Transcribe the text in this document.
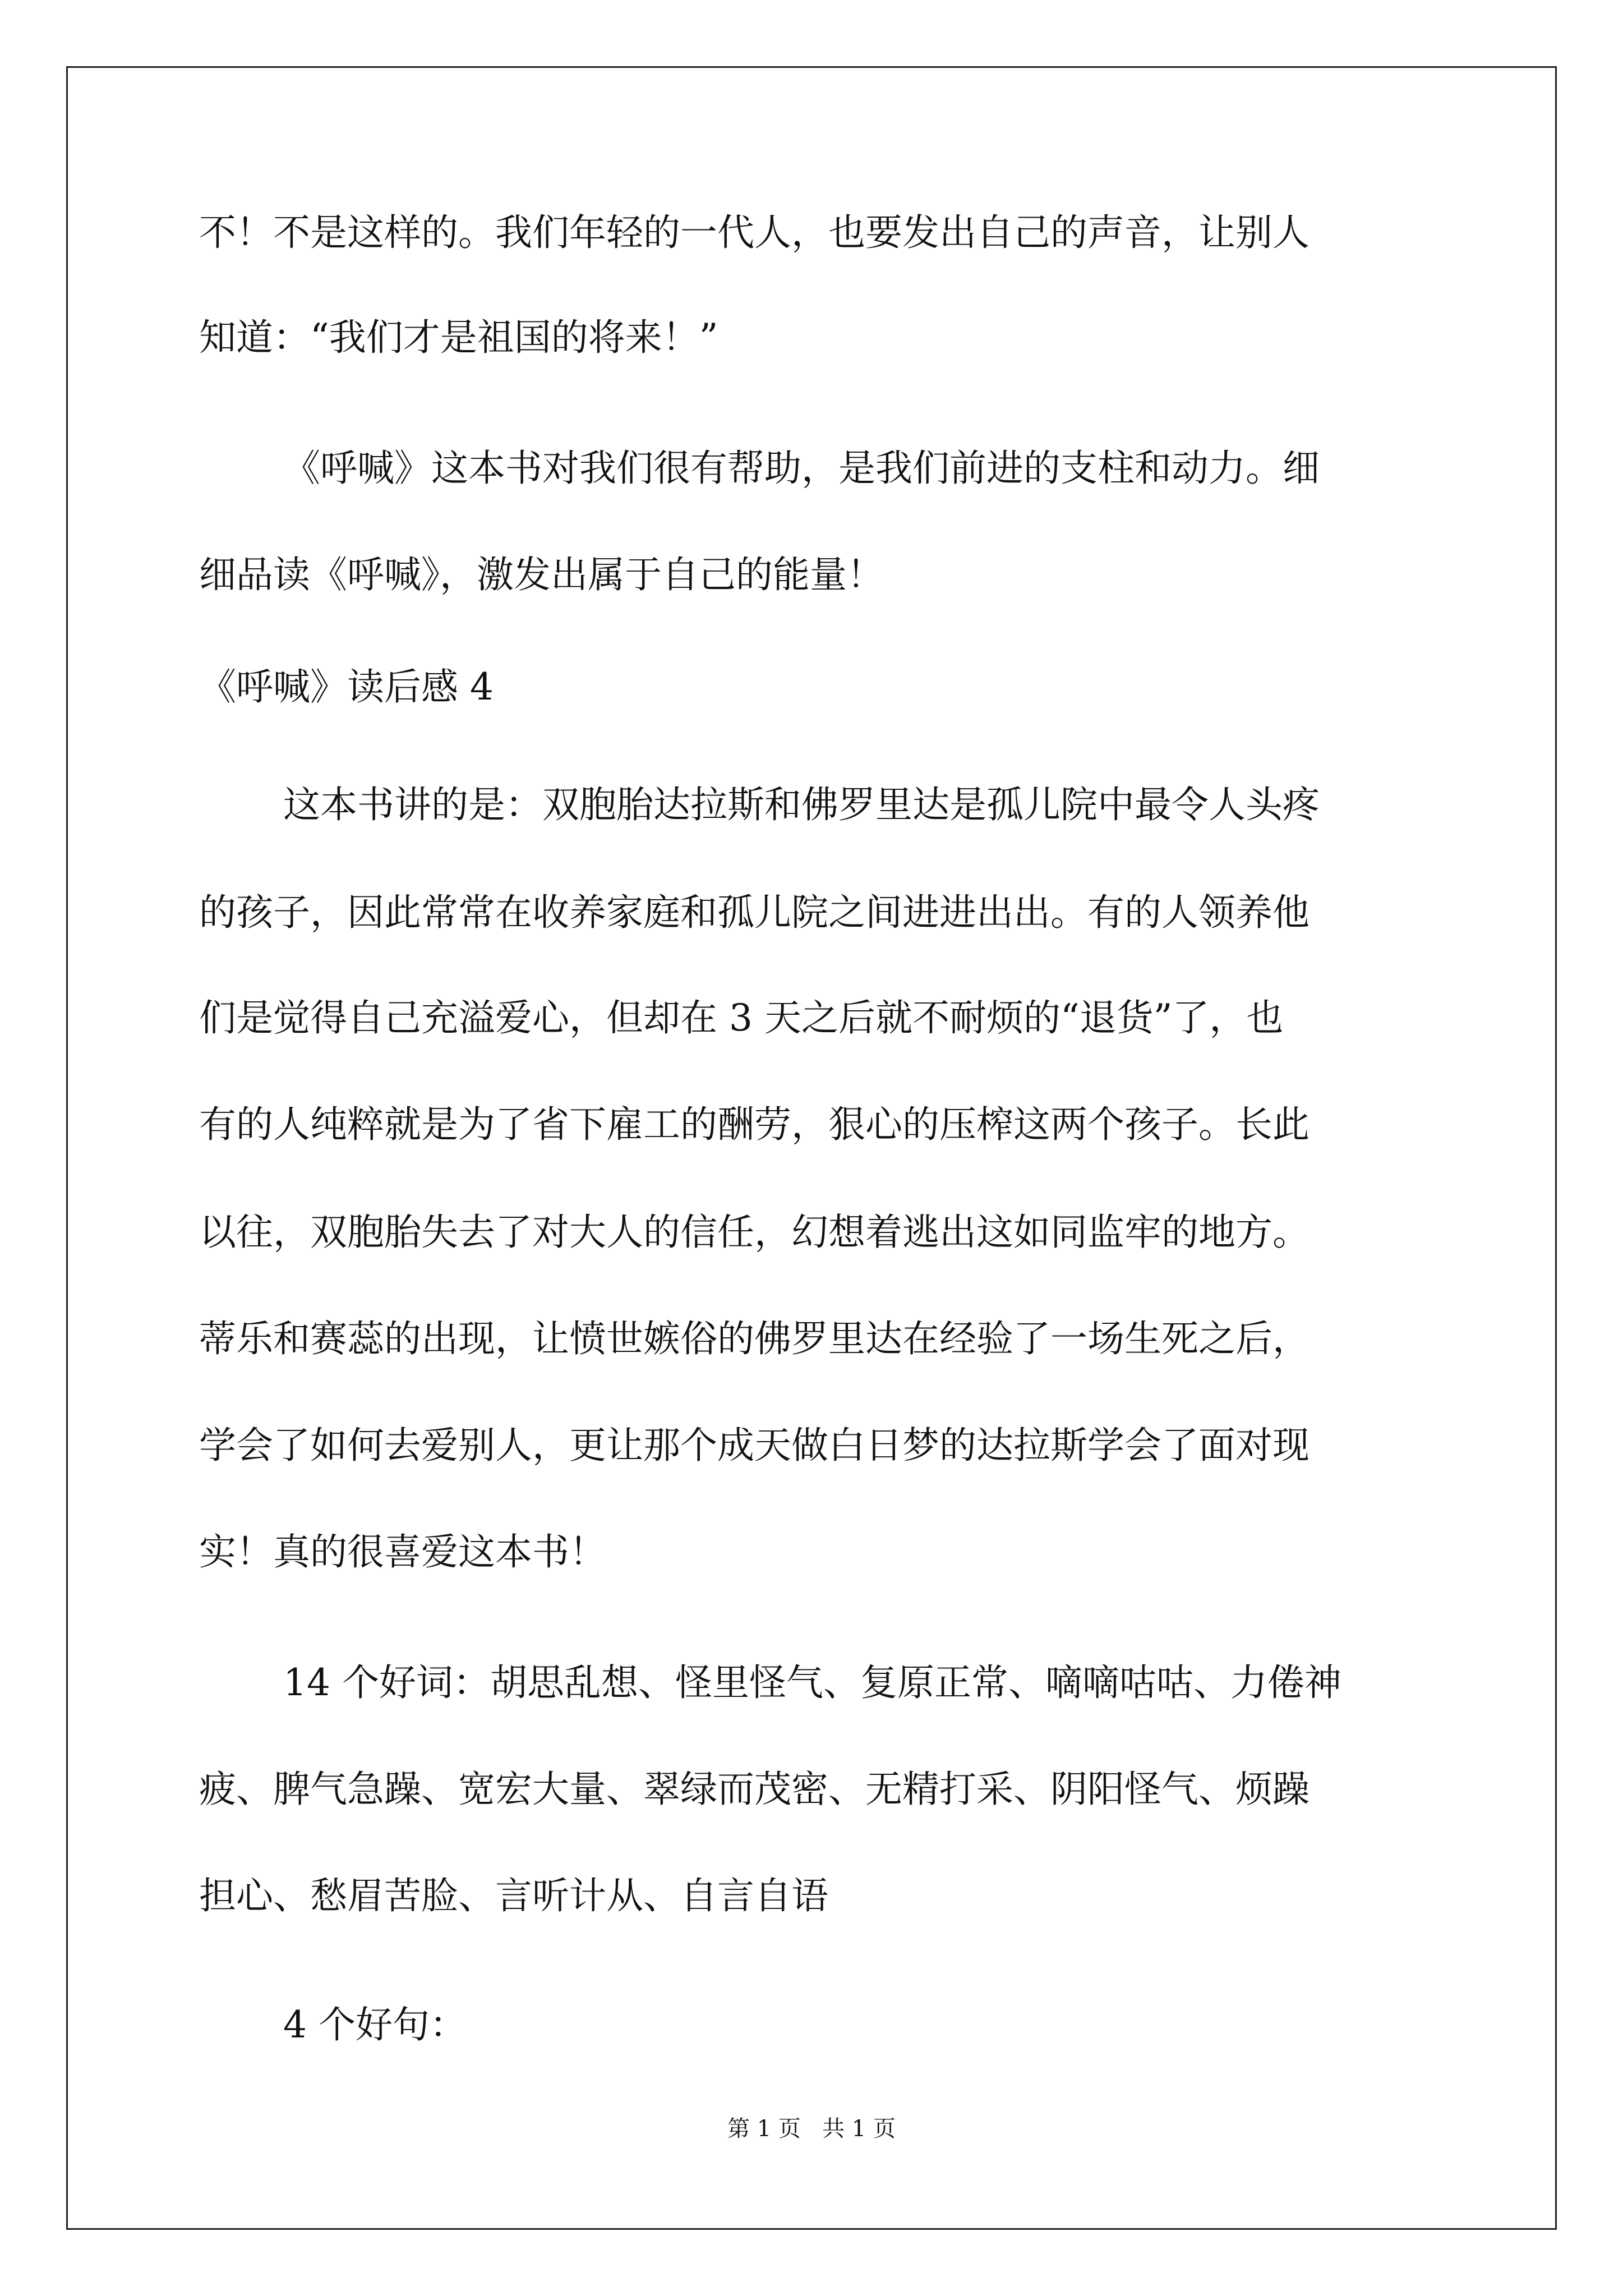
不！不是这样的。我们年轻的一代人，也要发出自己的声音，让别人
知道：“我们才是祖国的将来！”
《呼喊》这本书对我们很有帮助，是我们前进的支柱和动力。细
细品读《呼喊》，激发出属于自己的能量！
《呼喊》读后感 4
这本书讲的是：双胞胎达拉斯和佛罗里达是孤儿院中最令人头疼
的孩子，因此常常在收养家庭和孤儿院之间进进出出。有的人领养他
们是觉得自己充溢爱心，但却在 3 天之后就不耐烦的“退货”了，也
有的人纯粹就是为了省下雇工的酬劳，狠心的压榨这两个孩子。长此
以往，双胞胎失去了对大人的信任，幻想着逃出这如同监牢的地方。
蒂乐和赛蕊的出现，让愤世嫉俗的佛罗里达在经验了一场生死之后，
学会了如何去爱别人，更让那个成天做白日梦的达拉斯学会了面对现
实！真的很喜爱这本书！
14 个好词：胡思乱想、怪里怪气、复原正常、嘀嘀咕咕、力倦神
疲、脾气急躁、宽宏大量、翠绿而茂密、无精打采、阴阳怪气、烦躁
担心、愁眉苦脸、言听计从、自言自语
4 个好句：
第 1 页   共 1 页
